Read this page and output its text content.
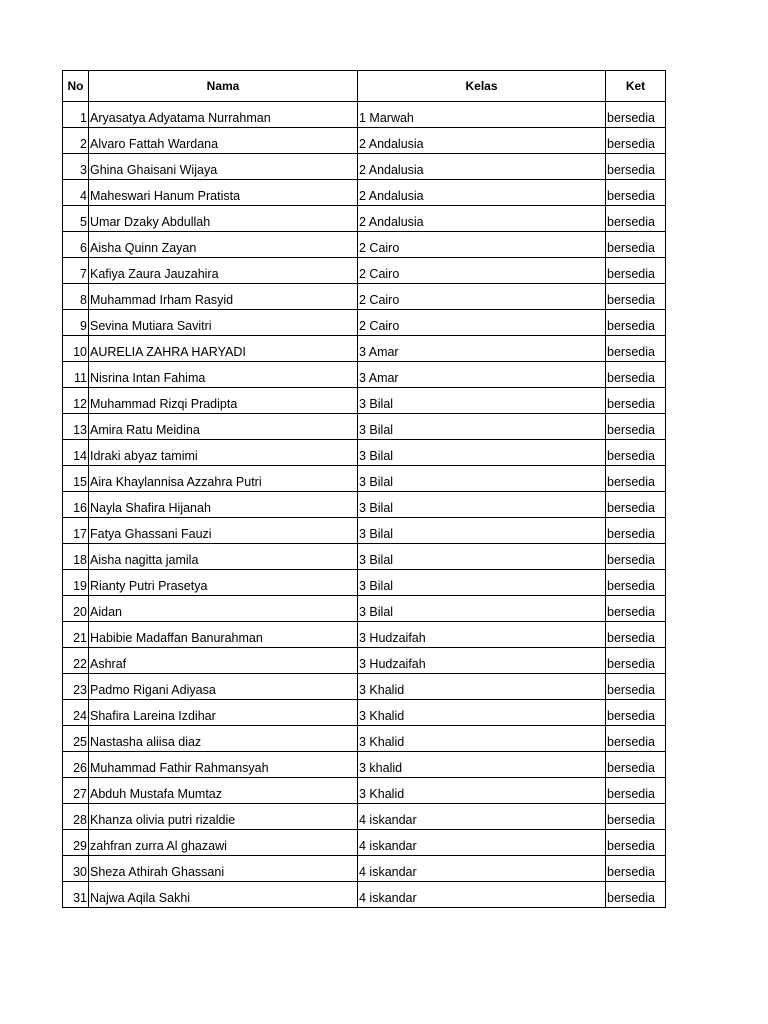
No	Nama	Kelas	Ket
1	Aryasatya Adyatama Nurrahman	1 Marwah	bersedia
2	Alvaro Fattah Wardana	2 Andalusia	bersedia
3	Ghina Ghaisani Wijaya	2 Andalusia	bersedia
4	Maheswari Hanum Pratista	2 Andalusia	bersedia
5	Umar Dzaky Abdullah	2 Andalusia	bersedia
6	Aisha Quinn Zayan	2 Cairo	bersedia
7	Kafiya Zaura Jauzahira	2 Cairo	bersedia
8	Muhammad Irham Rasyid	2 Cairo	bersedia
9	Sevina Mutiara Savitri	2 Cairo	bersedia
10	AURELIA ZAHRA HARYADI	3 Amar	bersedia
11	Nisrina Intan Fahima	3 Amar	bersedia
12	Muhammad Rizqi Pradipta	3 Bilal	bersedia
13	Amira Ratu Meidina	3 Bilal	bersedia
14	Idraki abyaz tamimi	3 Bilal	bersedia
15	Aira Khaylannisa Azzahra Putri	3 Bilal	bersedia
16	Nayla Shafira Hijanah	3 Bilal	bersedia
17	Fatya Ghassani Fauzi	3 Bilal	bersedia
18	Aisha nagitta jamila	3 Bilal	bersedia
19	Rianty Putri Prasetya	3 Bilal	bersedia
20	Aidan	3 Bilal	bersedia
21	Habibie Madaffan Banurahman	3 Hudzaifah	bersedia
22	Ashraf	3 Hudzaifah	bersedia
23	Padmo Rigani Adiyasa	3 Khalid	bersedia
24	Shafira Lareina Izdihar	3 Khalid	bersedia
25	Nastasha aliisa diaz	3 Khalid	bersedia
26	Muhammad Fathir Rahmansyah	3 khalid	bersedia
27	Abduh Mustafa Mumtaz	3 Khalid	bersedia
28	Khanza olivia putri rizaldie	4 iskandar	bersedia
29	zahfran zurra Al ghazawi	4 iskandar	bersedia
30	Sheza Athirah Ghassani	4 iskandar	bersedia
31	Najwa Aqila Sakhi	4 iskandar	bersedia
